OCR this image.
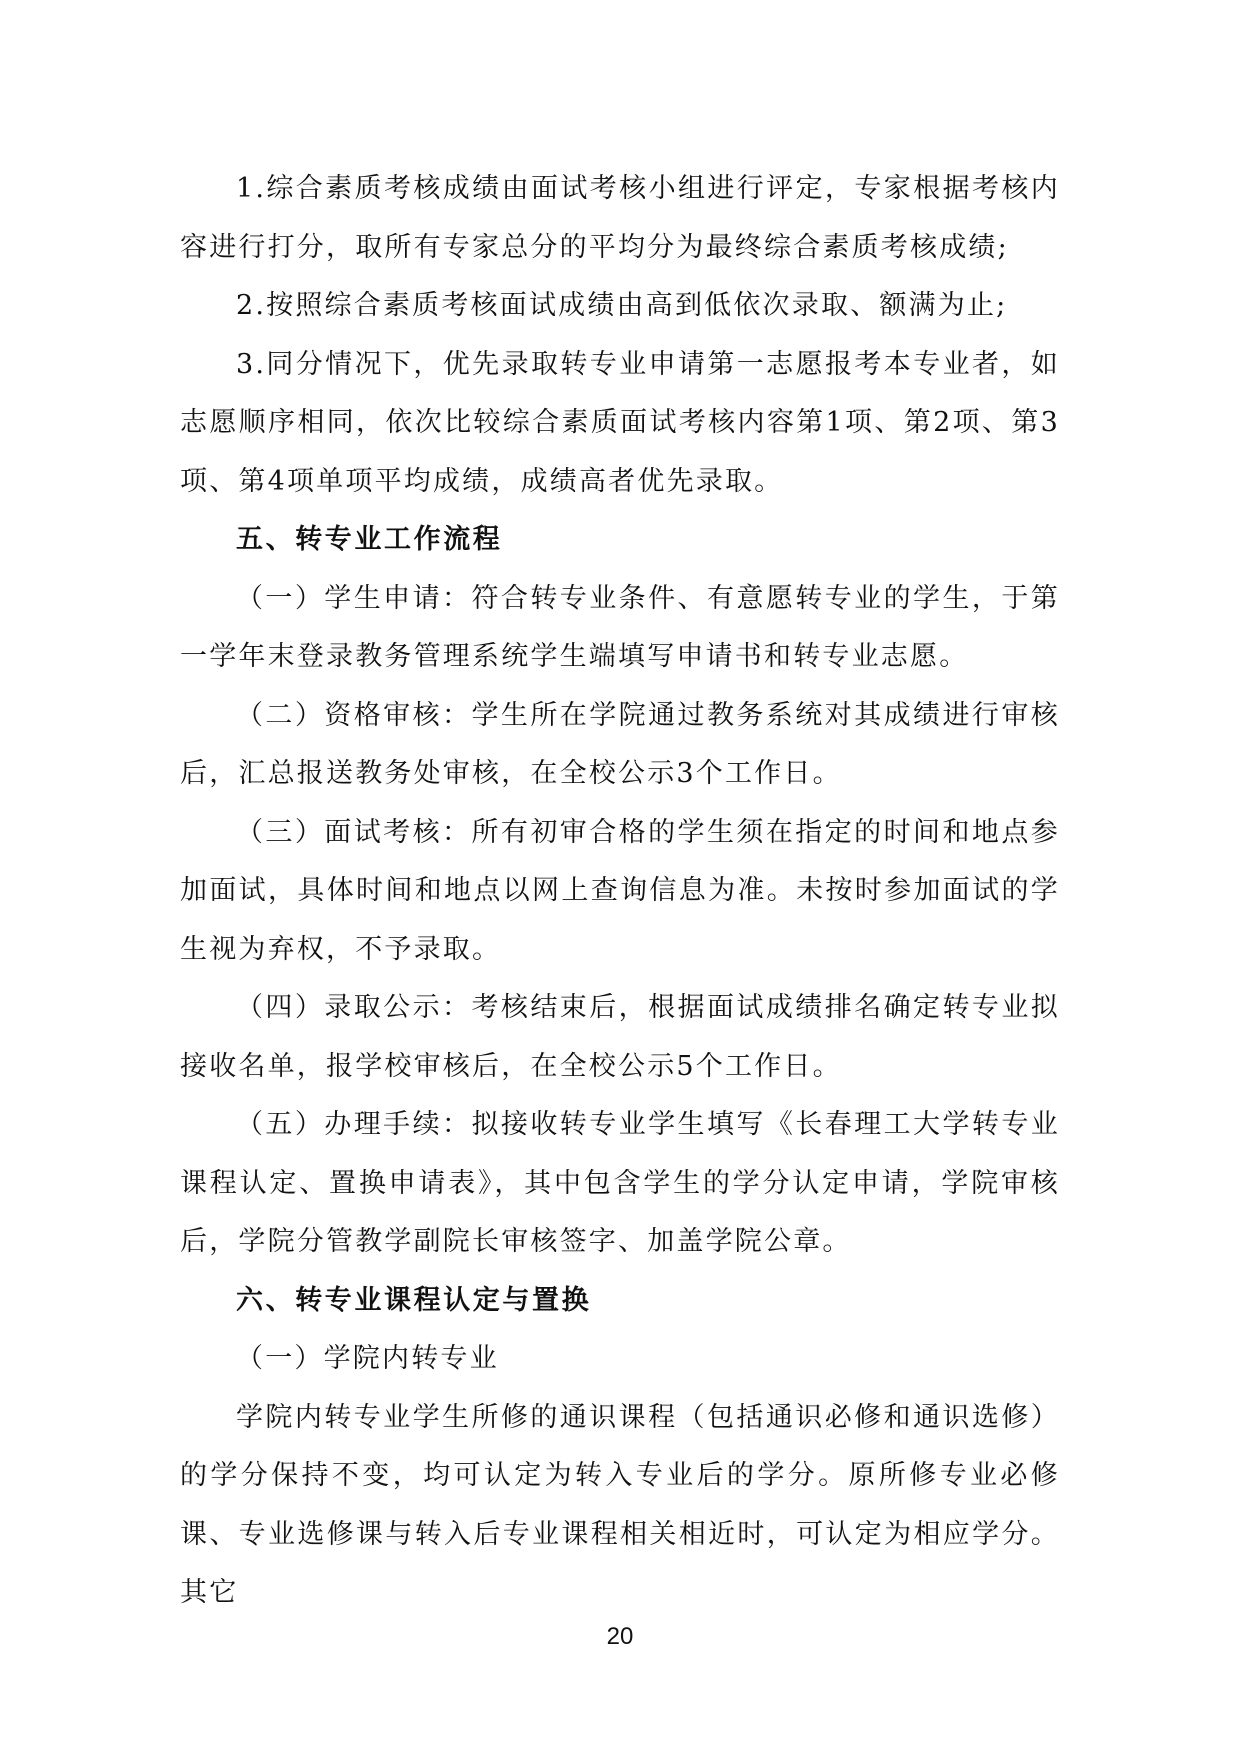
1.综合素质考核成绩由面试考核小组进行评定，专家根据考核内容进行打分，取所有专家总分的平均分为最终综合素质考核成绩;

2.按照综合素质考核面试成绩由高到低依次录取、额满为止;

3.同分情况下，优先录取转专业申请第一志愿报考本专业者，如志愿顺序相同，依次比较综合素质面试考核内容第1项、第2项、第3项、第4项单项平均成绩，成绩高者优先录取。

五、转专业工作流程

（一）学生申请：符合转专业条件、有意愿转专业的学生，于第一学年末登录教务管理系统学生端填写申请书和转专业志愿。

（二）资格审核：学生所在学院通过教务系统对其成绩进行审核后，汇总报送教务处审核，在全校公示3个工作日。

（三）面试考核：所有初审合格的学生须在指定的时间和地点参加面试，具体时间和地点以网上查询信息为准。未按时参加面试的学生视为弃权，不予录取。

（四）录取公示：考核结束后，根据面试成绩排名确定转专业拟接收名单，报学校审核后，在全校公示5个工作日。

（五）办理手续：拟接收转专业学生填写《长春理工大学转专业课程认定、置换申请表》，其中包含学生的学分认定申请，学院审核后，学院分管教学副院长审核签字、加盖学院公章。

六、转专业课程认定与置换

（一）学院内转专业

学院内转专业学生所修的通识课程（包括通识必修和通识选修）的学分保持不变，均可认定为转入专业后的学分。原所修专业必修课、专业选修课与转入后专业课程相关相近时，可认定为相应学分。其它

20
